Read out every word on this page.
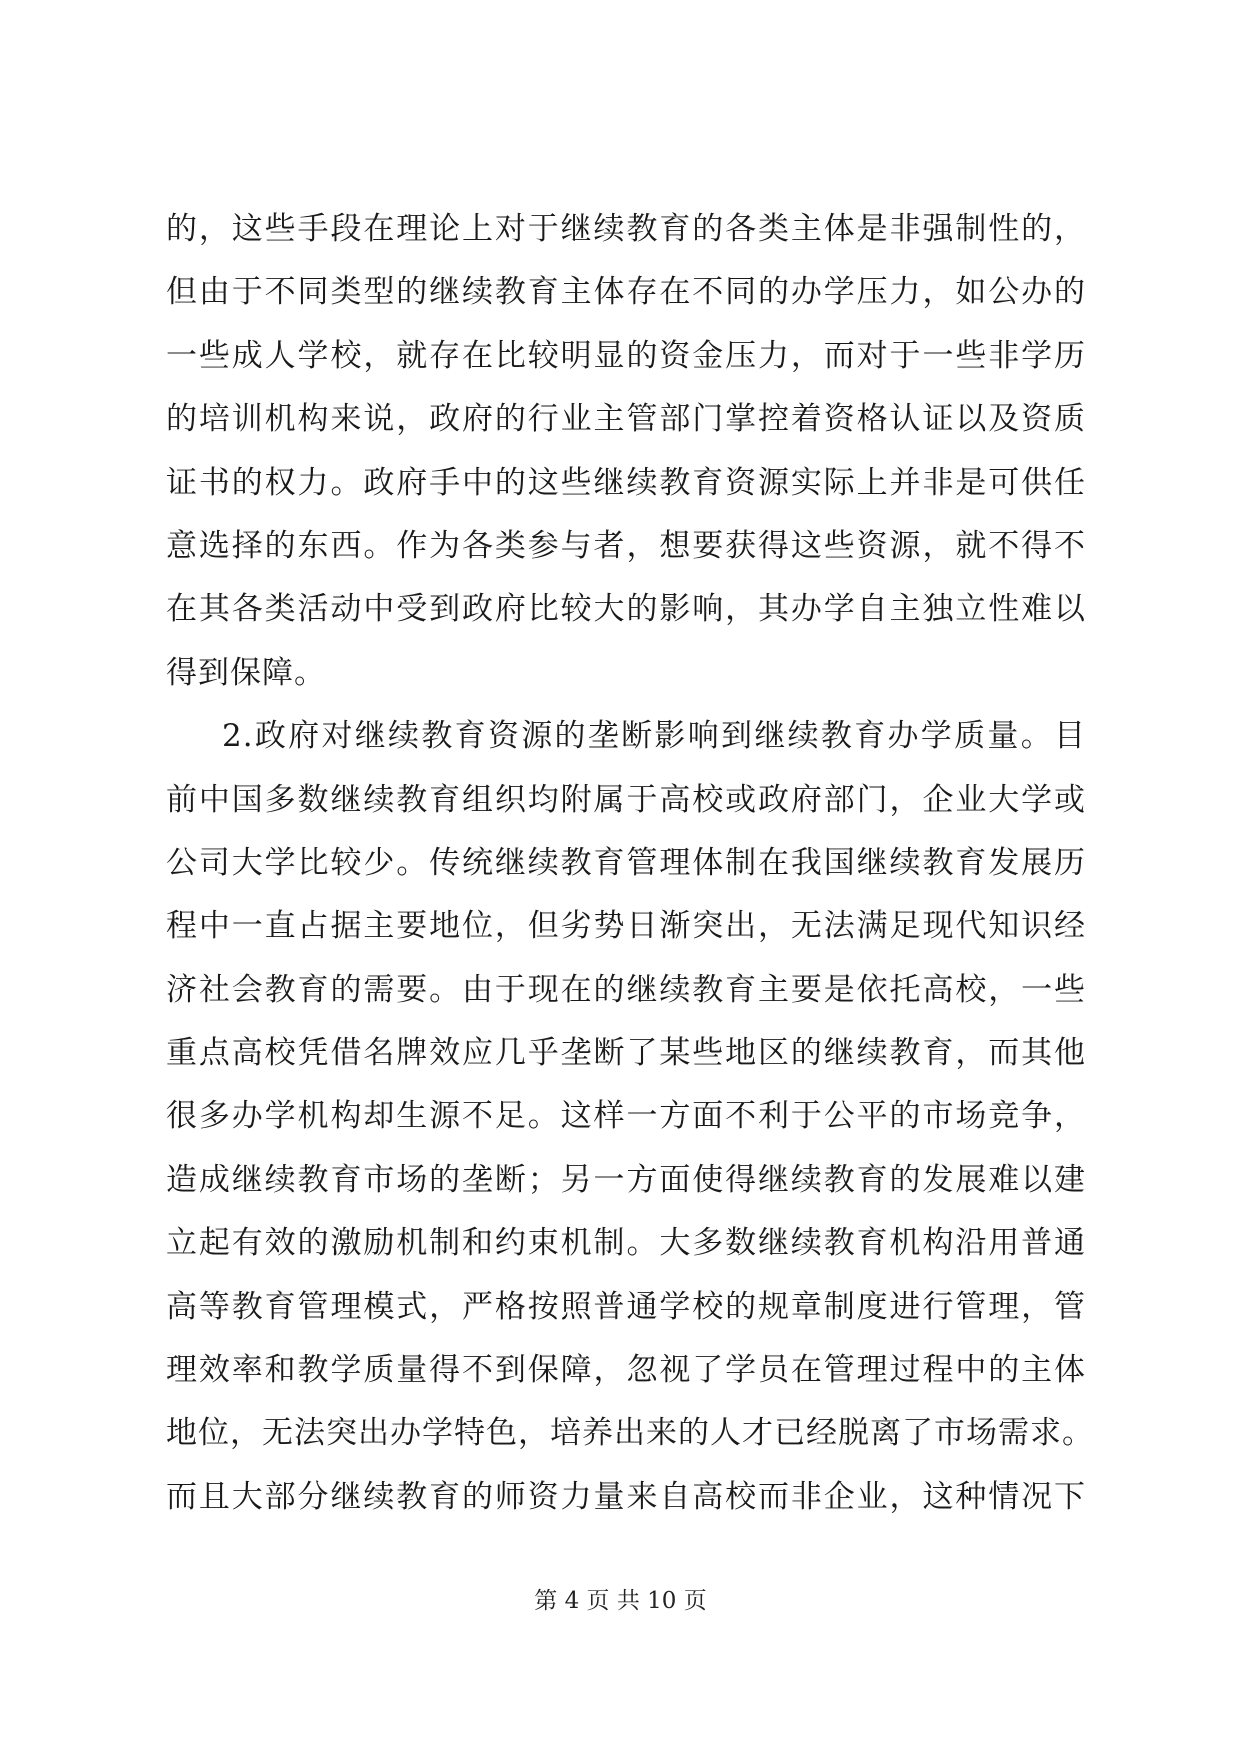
的，这些手段在理论上对于继续教育的各类主体是非强制性的，
但由于不同类型的继续教育主体存在不同的办学压力，如公办的
一些成人学校，就存在比较明显的资金压力，而对于一些非学历
的培训机构来说，政府的行业主管部门掌控着资格认证以及资质
证书的权力。政府手中的这些继续教育资源实际上并非是可供任
意选择的东西。作为各类参与者，想要获得这些资源，就不得不
在其各类活动中受到政府比较大的影响，其办学自主独立性难以
得到保障。
2.政府对继续教育资源的垄断影响到继续教育办学质量。目
前中国多数继续教育组织均附属于高校或政府部门，企业大学或
公司大学比较少。传统继续教育管理体制在我国继续教育发展历
程中一直占据主要地位，但劣势日渐突出，无法满足现代知识经
济社会教育的需要。由于现在的继续教育主要是依托高校，一些
重点高校凭借名牌效应几乎垄断了某些地区的继续教育，而其他
很多办学机构却生源不足。这样一方面不利于公平的市场竞争，
造成继续教育市场的垄断；另一方面使得继续教育的发展难以建
立起有效的激励机制和约束机制。大多数继续教育机构沿用普通
高等教育管理模式，严格按照普通学校的规章制度进行管理，管
理效率和教学质量得不到保障，忽视了学员在管理过程中的主体
地位，无法突出办学特色，培养出来的人才已经脱离了市场需求。
而且大部分继续教育的师资力量来自高校而非企业，这种情况下
第 4 页 共 10 页
